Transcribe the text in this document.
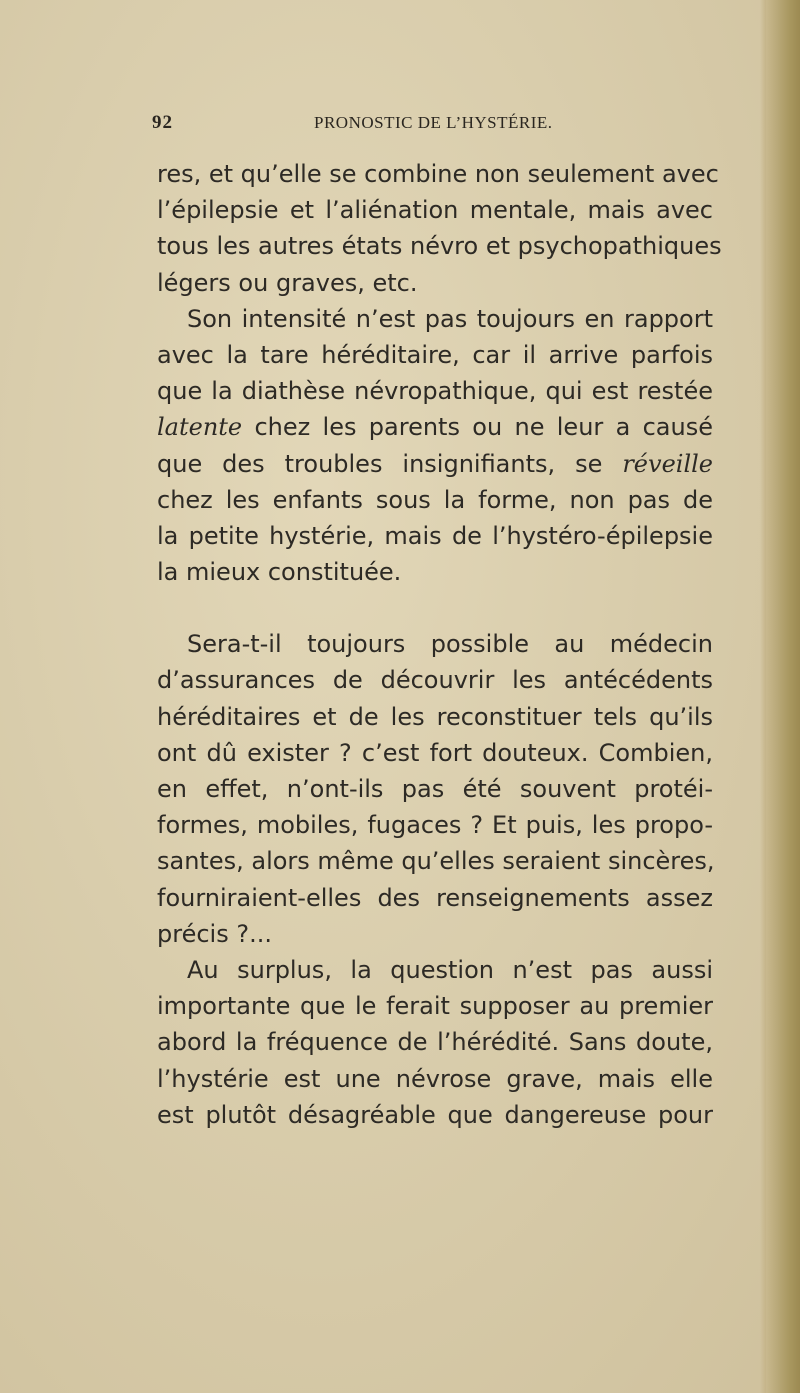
92	PRONOSTIC DE L’HYSTÉRIE.
res, et qu’elle se combine non seulement avec
l’épilepsie et l’aliénation mentale, mais avec
tous les autres états névro et psychopathiques
légers ou graves, etc.
Son intensité n’est pas toujours en rapport
avec la tare héréditaire, car il arrive parfois
que la diathèse névropathique, qui est restée
latente chez les parents ou ne leur a causé
que des troubles insignifiants, se réveille
chez les enfants sous la forme, non pas de
la petite hystérie, mais de l’hystéro-épilepsie
la mieux constituée.
Sera-t-il toujours possible au médecin
d’assurances de découvrir les antécédents
héréditaires et de les reconstituer tels qu’ils
ont dû exister ? c’est fort douteux. Combien,
en effet, n’ont-ils pas été souvent protéi-
formes, mobiles, fugaces ? Et puis, les propo-
santes, alors même qu’elles seraient sincères,
fourniraient-elles des renseignements assez
précis ?...
Au surplus, la question n’est pas aussi
importante que le ferait supposer au premier
abord la fréquence de l’hérédité. Sans doute,
l’hystérie est une névrose grave, mais elle
est plutôt désagréable que dangereuse pour
